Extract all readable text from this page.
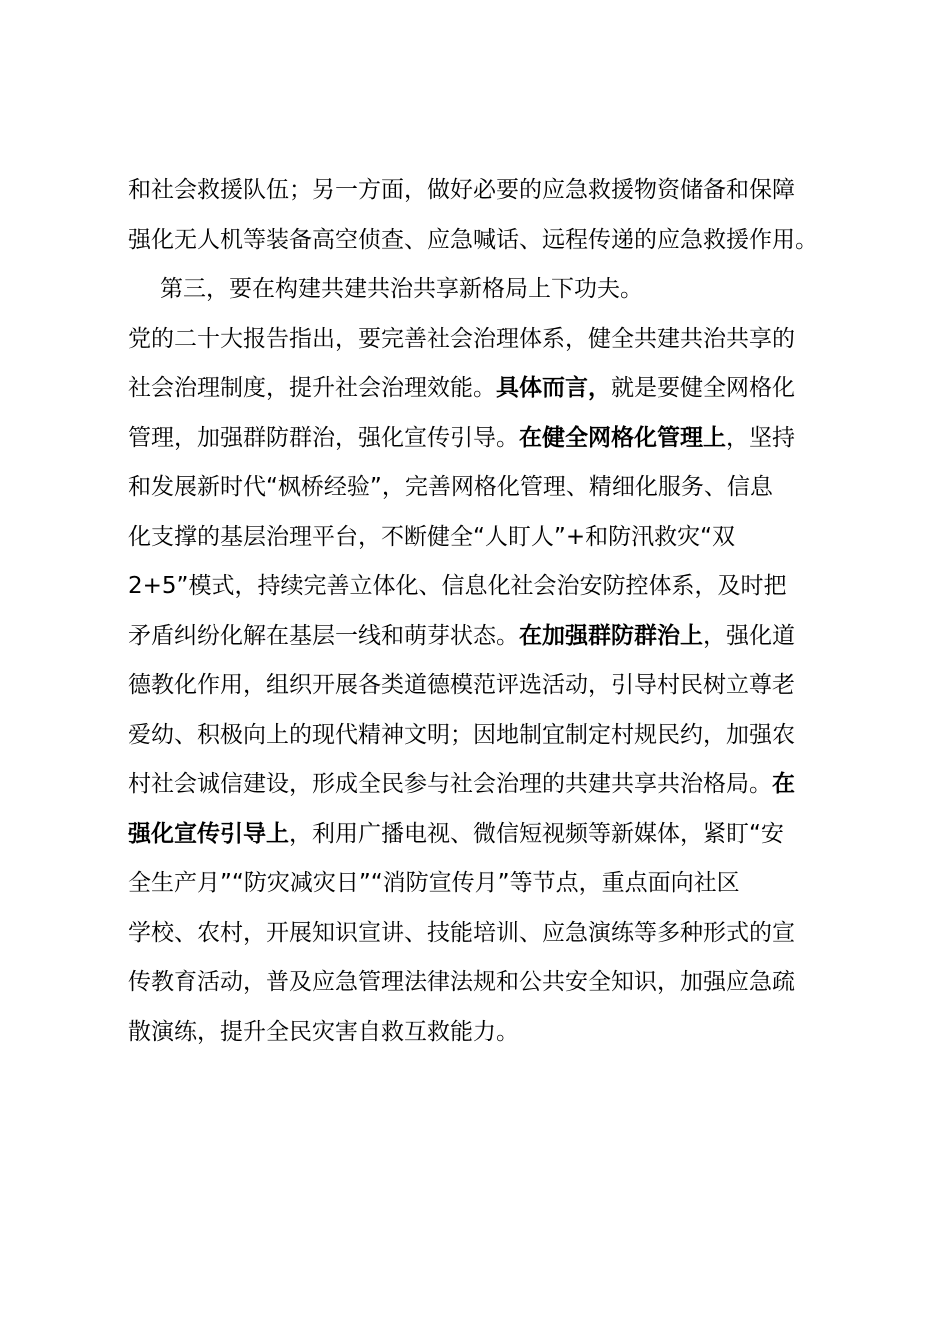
和社会救援队伍；另一方面，做好必要的应急救援物资储备和保障
强化无人机等装备高空侦查、应急喊话、远程传递的应急救援作用。
第三，要在构建共建共治共享新格局上下功夫。
党的二十大报告指出，要完善社会治理体系，健全共建共治共享的
社会治理制度，提升社会治理效能。具体而言，就是要健全网格化
管理，加强群防群治，强化宣传引导。在健全网格化管理上，坚持
和发展新时代“枫桥经验”，完善网格化管理、精细化服务、信息
化支撑的基层治理平台，不断健全“人盯人”+和防汛救灾“双
2+5”模式，持续完善立体化、信息化社会治安防控体系，及时把
矛盾纠纷化解在基层一线和萌芽状态。在加强群防群治上，强化道
德教化作用，组织开展各类道德模范评选活动，引导村民树立尊老
爱幼、积极向上的现代精神文明；因地制宜制定村规民约，加强农
村社会诚信建设，形成全民参与社会治理的共建共享共治格局。在
强化宣传引导上，利用广播电视、微信短视频等新媒体，紧盯“安
全生产月”“防灾减灾日”“消防宣传月”等节点，重点面向社区
学校、农村，开展知识宣讲、技能培训、应急演练等多种形式的宣
传教育活动，普及应急管理法律法规和公共安全知识，加强应急疏
散演练，提升全民灾害自救互救能力。
